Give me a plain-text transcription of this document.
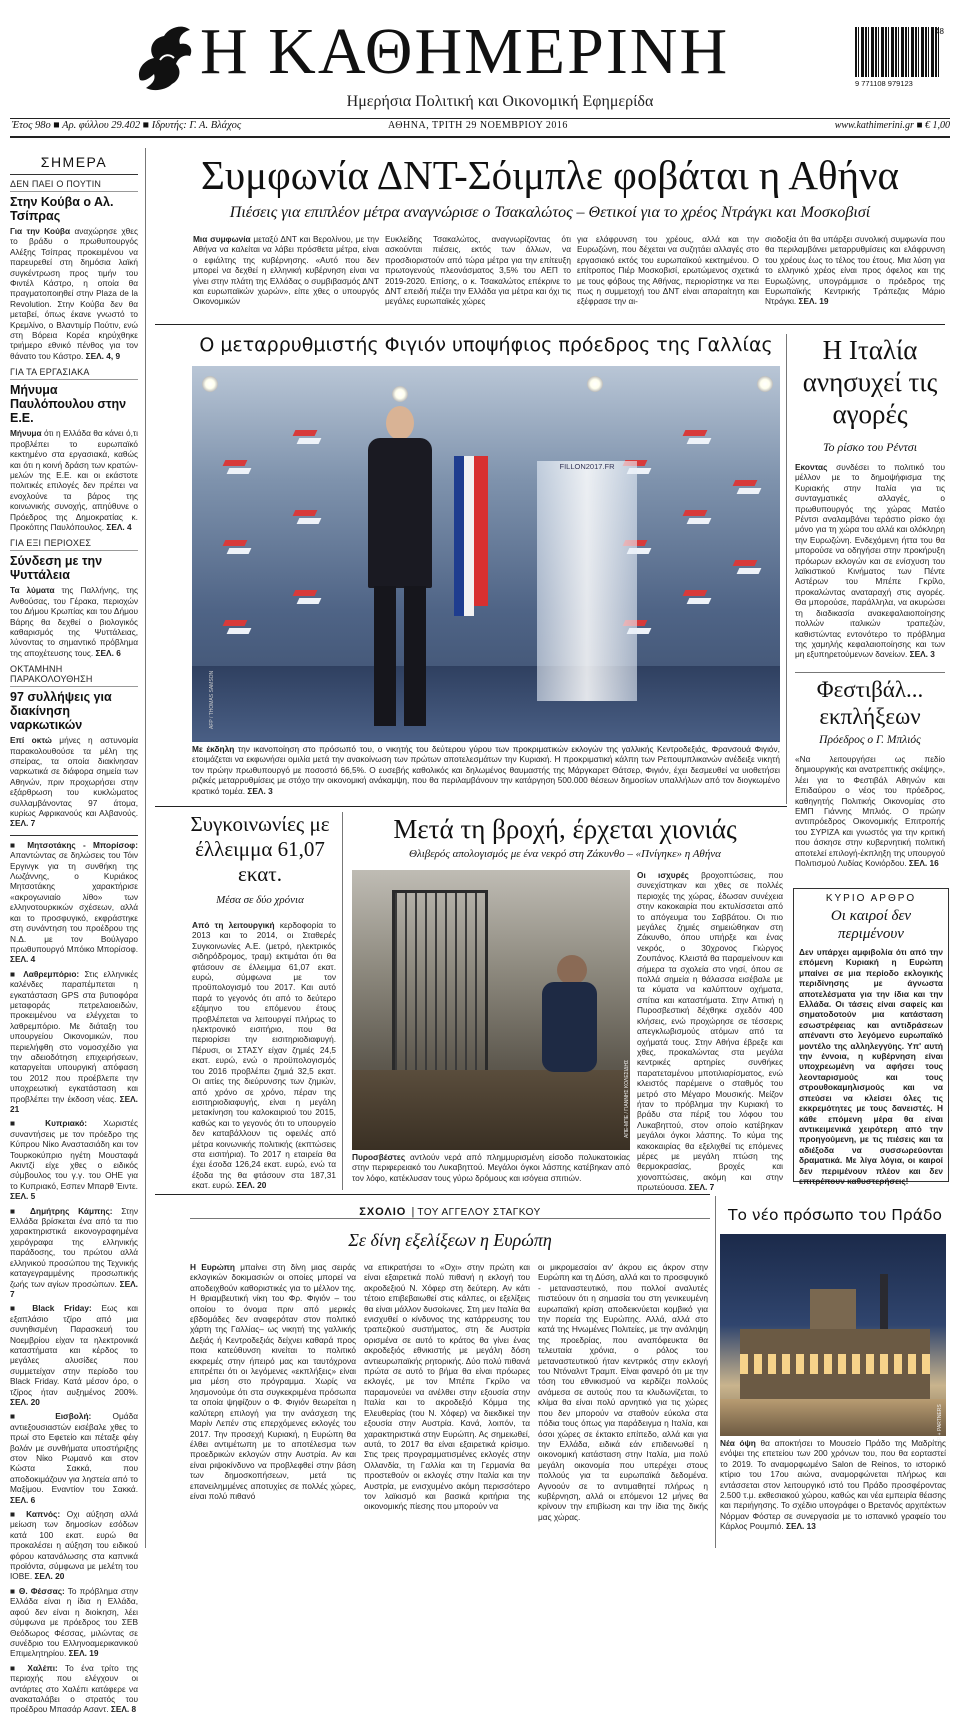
Η ΚΑΘΗΜΕΡΙΝΗ
Ημερήσια Πολιτική και Οικονομική Εφημερίδα
48
9 771108 979123
Έτος 98ο ■ Αρ. φύλλου 29.402 ■ Ιδρυτής: Γ. Α. Βλάχος	ΑΘΗΝΑ, ΤΡΙΤΗ 29 ΝΟΕΜΒΡΙΟΥ 2016	www.kathimerini.gr ■ € 1,00
ΣΗΜΕΡΑ
ΔΕΝ ΠΑΕΙ Ο ΠΟΥΤΙΝ
Στην Κούβα ο Αλ. Τσίπρας
Για την Κούβα αναχώρησε χθες το βράδυ ο πρωθυπουργός Αλέξης Τσίπρας προκειμένου να παρευρεθεί στη δημόσια λαϊκή συγκέντρωση προς τιμήν του Φιντέλ Κάστρο, η οποία θα πραγματοποιηθεί στην Plaza de la Revolution. Στην Κούβα δεν θα μεταβεί, όπως έκανε γνωστό το Κρεμλίνο, ο Βλαντιμίρ Πούτιν, ενώ στη Βόρεια Κορέα κηρύχθηκε τριήμερο εθνικό πένθος για τον θάνατο του Κάστρο. ΣΕΛ. 4, 9
ΓΙΑ ΤΑ ΕΡΓΑΣΙΑΚΑ
Μήνυμα Παυλόπουλου στην Ε.Ε.
Μήνυμα ότι η Ελλάδα θα κάνει ό,τι προβλέπει το ευρωπαϊκό κεκτημένο στα εργασιακά, καθώς και ότι η κοινή δράση των κρατών-μελών της Ε.Ε. και οι εκάστοτε πολιτικές επιλογές δεν πρέπει να ενοχλούνε τα βάρος της κοινωνικής συνοχής, απηύθυνε ο Πρόεδρος της Δημοκρατίας κ. Προκόπης Παυλόπουλος. ΣΕΛ. 4
ΓΙΑ ΕΞΙ ΠΕΡΙΟΧΕΣ
Σύνδεση με την Ψυττάλεια
Τα λύματα της Παλλήνης, της Ανθούσας, του Γέρακα, περιοχών του Δήμου Κρωπίας και του Δήμου Βάρης θα δεχθεί ο βιολογικός καθαρισμός της Ψυττάλειας, λύνοντας το σημαντικό πρόβλημα της αποχέτευσης τους. ΣΕΛ. 6
ΟΚΤΑΜΗΝΗ ΠΑΡΑΚΟΛΟΥΘΗΣΗ
97 συλλήψεις για διακίνηση ναρκωτικών
Επί οκτώ μήνες η αστυνομία παρακολουθούσε τα μέλη της σπείρας, τα οποία διακίνησαν ναρκωτικά σε διάφορα σημεία των Αθηνών, πριν προχωρήσει στην εξάρθρωση του κυκλώματος συλλαμβάνοντας 97 άτομα, κυρίως Αφρικανούς και Αλβανούς. ΣΕΛ. 7
■ Μητσοτάκης - Μπορίσοφ: Απαντώντας σε δηλώσεις του Τόιν Εργινγκ για τη συνθήκη της Λωζάννης, ο Κυριάκος Μητσοτάκης χαρακτήρισε «ακρογωνιαίο λίθο» των ελληνοτουρκικών σχέσεων, αλλά και το προσφυγικό, εκφράστηκε στη συνάντηση του προέδρου της Ν.Δ. με τον Βούλγαρο πρωθυπουργό Μπόικο Μπορίσοφ. ΣΕΛ. 4
■ Λαθρεμπόριο: Στις ελληνικές καλένδες παραπέμπεται η εγκατάσταση GPS στα βυτιοφόρα μεταφοράς πετρελαιοειδών, προκειμένου να ελέγχεται το λαθρεμπόριο. Με διάταξη του υπουργείου Οικονομικών, που περιελήφθη στο νομοσχέδιο για την αδειοδότηση επιχειρήσεων, καταργείται υπουργική απόφαση του 2012 που προέβλεπε την υποχρεωτική εγκατάσταση και προβλέπει την έκδοση νέας. ΣΕΛ. 21
■ Κυπριακό: Χωριστές συναντήσεις με τον πρόεδρο της Κύπρου Νίκο Αναστασιάδη και τον Τουρκοκύπριο ηγέτη Μουσταφά Ακιντζί είχε χθες ο ειδικός σύμβουλος του γ.γ. του ΟΗΕ για το Κυπριακό, Εσπεν Μπαρθ Έιντε. ΣΕΛ. 5
■ Δημήτρης Κάμπης: Στην Ελλάδα βρίσκεται ένα από τα πιο χαρακτηριστικά εικονογραφημένα χειρόγραφα της ελληνικής παράδοσης, του πρώτου αλλά ελληνικού προσώπου της Τεχνικής καταγεγραμμένης προσωπικής ζωής των αγίων προσώπων. ΣΕΛ. 7
■ Black Friday: Εως και εξαπλάσιο τζίρο από μια συνηθισμένη Παρασκευή του Νοεμβρίου είχαν τα ηλεκτρονικά καταστήματα και κέρδος το μεγάλες αλυσίδες που συμμετείχαν στην περίοδο του Black Friday. Κατά μέσον όρο, ο τζίρος ήταν αυξημένος 200%. ΣΕΛ. 20
■ Εισβολή: Ομάδα αντιεξουσιαστών εισέβαλε χθες το πρωί στο Εφετείο και πέταξε φέιγ βολάν με συνθήματα υποστήριξης στον Νίκο Ρωμανό και στον Κώστα Σακκά, που αποδοκιμάζουν για ληστεία από το Μαξίμου. Εναντίον του Σακκά. ΣΕΛ. 6
■ Καπνός: Οχι αύξηση αλλά μείωση των δημοσίων εσόδων κατά 100 εκατ. ευρώ θα προκαλέσει η αύξηση του ειδικού φόρου κατανάλωσης στα καπνικά προϊόντα, σύμφωνα με μελέτη του ΙΟΒΕ. ΣΕΛ. 20
■ Θ. Φέσσας: Το πρόβλημα στην Ελλάδα είναι η ίδια η Ελλάδα, αφού δεν είναι η διοίκηση, λέει σύμφωνα με πρόεδρος του ΣΕΒ Θεόδωρος Φέσσας, μιλώντας σε συνέδριο του Ελληνοαμερικανικού Επιμελητηρίου. ΣΕΛ. 19
■ Χαλέπι: Το ένα τρίτο της περιοχής που ελέγχουν οι αντάρτες στο Χαλέπι κατάφερε να ανακαταλάβει ο στρατός του προέδρου Μπασάρ Ασαντ. ΣΕΛ. 8
Συμφωνία ΔΝΤ-Σόιμπλε φοβάται η Αθήνα
Πιέσεις για επιπλέον μέτρα αναγνώρισε ο Τσακαλώτος – Θετικοί για το χρέος Ντράγκι και Μοσκοβισί
Μια συμφωνία μεταξύ ΔΝΤ και Βερολίνου, με την Αθήνα να καλείται να λάβει πρόσθετα μέτρα, είναι ο εφιάλτης της κυβέρνησης. «Αυτό που δεν μπορεί να δεχθεί η ελληνική κυβέρνηση είναι να γίνει στην πλάτη της Ελλάδας ο συμβιβασμός ΔΝΤ και ευρωπαϊκών χωρών», είπε χθες ο υπουργός Οικονομικών
Ευκλείδης Τσακαλώτος, αναγνωρίζοντας ότι ασκούνται πιέσεις, εκτός των άλλων, να προσδιοριστούν από τώρα μέτρα για την επίτευξη πρωτογενούς πλεονάσματος 3,5% του ΑΕΠ το 2019-2020. Επίσης, ο κ. Τσακαλώτος επέκρινε το ΔΝΤ επειδή πιέζει την Ελλάδα για μέτρα και όχι τις μεγάλες ευρωπαϊκές χώρες
για ελάφρυνση του χρέους, αλλά και την Ευρωζώνη, που δέχεται να συζητάει αλλαγές στο εργασιακό εκτός του ευρωπαϊκού κεκτημένου. Ο επίτροπος Πιέρ Μοσκοβισί, ερωτώμενος σχετικά με τους φόβους της Αθήνας, περιορίστηκε να πει πως η συμμετοχή του ΔΝΤ είναι απαραίτητη και εξέφρασε την αι-
σιοδοξία ότι θα υπάρξει συνολική συμφωνία που θα περιλαμβάνει μεταρρυθμίσεις και ελάφρυνση του χρέους έως το τέλος του έτους. Μια λύση για το ελληνικό χρέος είναι προς όφελος και της Ευρωζώνης, υπογράμμισε ο πρόεδρος της Ευρωπαϊκής Κεντρικής Τράπεζας Μάριο Ντράγκι. ΣΕΛ. 19
Ο μεταρρυθμιστής Φιγιόν υποψήφιος πρόεδρος της Γαλλίας
FILLON2017.FR
AFP / THOMAS SAMSON
Με έκδηλη την ικανοποίηση στο πρόσωπό του, ο νικητής του δεύτερου γύρου των προκριματικών εκλογών της γαλλικής Κεντροδεξιάς, Φρανσουά Φιγιόν, ετοιμάζεται να εκφωνήσει ομιλία μετά την ανακοίνωση των πρώτων αποτελεσμάτων την Κυριακή. Η προκριματική κάλπη των Ρεπουμπλικανών ανέδειξε νικητή τον πρώην πρωθυπουργό με ποσοστό 66,5%. Ο ευσεβής καθολικός και δηλωμένος θαυμαστής της Μάργκαρετ Θάτσερ, Φιγιόν, έχει δεσμευθεί να υιοθετήσει ριζικές μεταρρυθμίσεις με στόχο την οικονομική ανάκαμψη, που θα περιλαμβάνουν την κατάργηση 500.000 θέσεων δημοσίων υπαλλήλων από τον διογκωμένο κρατικό τομέα. ΣΕΛ. 3
Η Ιταλία ανησυχεί τις αγορές
Το ρίσκο του Ρέντσι
Εκοντας συνδέσει το πολιτικό του μέλλον με το δημοψήφισμα της Κυριακής στην Ιταλία για τις συνταγματικές αλλαγές, ο πρωθυπουργός της χώρας Ματέο Ρέντσι αναλαμβάνει τεράστιο ρίσκο όχι μόνο για τη χώρα του αλλά και ολόκληρη την Ευρωζώνη. Ενδεχόμενη ήττα του θα μπορούσε να οδηγήσει στην προκήρυξη πρόωρων εκλογών και σε ενίσχυση του λαϊκιστικού Κινήματος των Πέντε Αστέρων του Μπέπε Γκρίλο, προκαλώντας αναταραχή στις αγορές. Θα μπορούσε, παράλληλα, να ακυρώσει τη διαδικασία ανακεφαλαιοποίησης πολλών ιταλικών τραπεζών, καθιστώντας εντονότερο το πρόβλημα της χαμηλής κεφαλαιοποίησης και των μη εξυπηρετούμενων δανείων. ΣΕΛ. 3
Φεστιβάλ... εκπλήξεων
Πρόεδρος ο Γ. Μπλιός
«Να λειτουργήσει ως πεδίο δημιουργικής και ανατρεπτικής σκέψης», λέει για το Φεστιβάλ Αθηνών και Επιδαύρου ο νέος του πρόεδρος, καθηγητής Πολιτικής Οικονομίας στο ΕΜΠ Γιάννης Μπλιός. Ο πρώην αντιπρόεδρος Οικονομικής Επιτροπής του ΣΥΡΙΖΑ και γνωστός για την κριτική που άσκησε στην κυβερνητική πολιτική αποτελεί επιλογή-έκπληξη της υπουργού Πολιτισμού Λυδίας Κονιόρδου. ΣΕΛ. 16
ΚΥΡΙΟ ΑΡΘΡΟ
Οι καιροί δεν περιμένουν
Δεν υπάρχει αμφιβολία ότι από την επόμενη Κυριακή η Ευρώπη μπαίνει σε μια περίοδο εκλογικής περιδίνησης με άγνωστα αποτελέσματα για την ίδια και την Ελλάδα. Οι τάσεις είναι σαφείς και σηματοδοτούν μια κατάσταση εσωστρέφειας και αντιδράσεων απέναντι στο λεγόμενο ευρωπαϊκό μοντέλο της αλληλεγγύης. Υπ' αυτή την έννοια, η κυβέρνηση είναι υποχρεωμένη να αφήσει τους λεονταρισμούς και τους στρουθοκαμηλισμούς και να σπεύσει να κλείσει όλες τις εκκρεμότητες με τους δανειστές. Η κάθε επόμενη μέρα θα είναι αντικειμενικά χειρότερη από την προηγούμενη, με τις πιέσεις και τα αδιέξοδα να συσσωρεύονται δραματικά. Με λίγα λόγια, οι καιροί δεν περιμένουν πλέον και δεν επιτρέπουν καθυστερήσεις!
Συγκοινωνίες με έλλειμμα 61,07 εκατ.
Μέσα σε δύο χρόνια
Από τη λειτουργική κερδοφορία το 2013 και το 2014, οι Σταθερές Συγκοινωνίες Α.Ε. (μετρό, ηλεκτρικός σιδηρόδρομος, τραμ) εκτιμάται ότι θα φτάσουν σε έλλειμμα 61,07 εκατ. ευρώ, σύμφωνα με τον προϋπολογισμό του 2017. Και αυτό παρά το γεγονός ότι από το δεύτερο εξάμηνο του επόμενου έτους προβλέπεται να λειτουργεί πλήρως το ηλεκτρονικό εισιτήριο, που θα περιορίσει την εισιτηριοδιαφυγή. Πέρυσι, οι ΣΤΑΣΥ είχαν ζημιές 24,5 εκατ. ευρώ, ενώ ο προϋπολογισμός του 2016 προβλέπει ζημιά 32,5 εκατ. Οι αιτίες της διεύρυνσης των ζημιών, από χρόνο σε χρόνο, πέραν της εισιτηριοδιαφυγής, είναι η μεγάλη μετακίνηση του καλοκαιριού του 2015, καθώς και το γεγονός ότι το υπουργείο δεν καταβάλλουν τις οφειλές από μέτρα κοινωνικής πολιτικής (εκπτώσεις στα εισιτήρια). Το 2017 η εταιρεία θα έχει έσοδα 126,24 εκατ. ευρώ, ενώ τα έξοδα της θα φτάσουν στα 187,31 εκατ. ευρώ. ΣΕΛ. 20
Μετά τη βροχή, έρχεται χιονιάς
Θλιβερός απολογισμός με ένα νεκρό στη Ζάκυνθο – «Πνίγηκε» η Αθήνα
ΑΠΕ-ΜΠΕ / ΓΙΑΝΝΗΣ ΚΟΛΕΣΙΔΗΣ
Πυροσβέστες αντλούν νερά από πλημμυρισμένη είσοδο πολυκατοικίας στην περιφερειακό του Λυκαβηττού. Μεγάλοι όγκοι λάσπης κατέβηκαν από τον λόφο, κατέκλυσαν τους γύρω δρόμους και ισόγεια σπιτιών.
Οι ισχυρές βροχοπτώσεις, που συνεχίστηκαν και χθες σε πολλές περιοχές της χώρας, έδωσαν συνέχεια στην κακοκαιρία που εκτυλίσσεται από το απόγευμα του Σαββάτου. Οι πιο μεγάλες ζημιές σημειώθηκαν στη Ζάκυνθο, όπου υπήρξε και ένας νεκρός, ο 30χρονος Γιώργος Ζουπάνος. Κλειστά θα παραμείνουν και σήμερα τα σχολεία στο νησί, όπου σε πολλά σημεία η θάλασσα εισέβαλε με τα κύματα να καλύπτουν οχήματα, σπίτια και καταστήματα. Στην Αττική η Πυροσβεστική δέχθηκε σχεδόν 400 κλήσεις, ενώ προχώρησε σε τέσσερις απεγκλωβισμούς ατόμων από τα οχήματά τους. Στην Αθήνα έβρεξε και χθες, προκαλώντας στα μεγάλα κεντρικές αρτηρίες συνθήκες παρατεταμένου μποτιλιαρίσματος, ενώ κλειστός παρέμεινε ο σταθμός του μετρό στο Μέγαρο Μουσικής. Μείζον ήταν το πρόβλημα την Κυριακή το βράδυ στα πέριξ του λόφου του Λυκαβηττού, στον οποίο κατέβηκαν μεγάλοι όγκοι λάσπης. Το κύμα της κακοκαιρίας θα εξελιχθεί τις επόμενες μέρες με μεγάλη πτώση της θερμοκρασίας, βροχές και χιονοπτώσεις, ακόμη και στην πρωτεύουσα. ΣΕΛ. 7
ΣΧΟΛΙΟ | ΤΟΥ ΑΓΓΕΛΟΥ ΣΤΑΓΚΟΥ
Σε δίνη εξελίξεων η Ευρώπη
Η Ευρώπη μπαίνει στη δίνη μιας σειράς εκλογικών δοκιμασιών οι οποίες μπορεί να αποδειχθούν καθοριστικές για το μέλλον της. Η θριαμβευτική νίκη του Φρ. Φιγιόν – του οποίου το όνομα πριν από μερικές εβδομάδες δεν αναφερόταν στον πολιτικό χάρτη της Γαλλίας– ως νικητή της γαλλικής Δεξιάς ή Κεντροδεξιάς δείχνει καθαρά προς ποια κατεύθυνση κινείται το πολιτικό εκκρεμές στην ήπειρό μας και ταυτόχρονα επιτρέπει ότι οι λεγόμενες «εκπλήξεις» είναι μια μέση στο πρόγραμμα. Χωρίς να λησμονούμε ότι στα συγκεκριμένα πρόσωπα τα οποία ψηφίζουν ο Φ. Φιγιόν θεωρείται η καλύτερη επιλογή για την ανάσχεση της Μαρίν Λεπέν στις επερχόμενες εκλογές του 2017. Την προσεχή Κυριακή, η Ευρώπη θα έλθει αντιμέτωπη με το αποτέλεσμα των προεδρικών εκλογών στην Αυστρία. Αν και είναι ριψοκίνδυνο να προβλεφθεί στην βάση των δημοσκοπήσεων, μετά τις επανειλημμένες αποτυχίες σε πολλές χώρες, είναι πολύ πιθανό
να επικρατήσει το «Οχι» στην πρώτη και είναι εξαιρετικά πολύ πιθανή η εκλογή του ακροδεξιού Ν. Χόφερ στη δεύτερη. Αν κάτι τέτοιο επιβεβαιωθεί στις κάλπες, οι εξελίξεις θα είναι μάλλον δυσοίωνες. Στη μεν Ιταλία θα ενισχυθεί ο κίνδυνος της κατάρρευσης του τραπεζικού συστήματος, στη δε Αυστρία ορισμένα σε αυτό το κράτος θα γίνει ένας ακροδεξιός εθνικιστής με μεγάλη δόση αντιευρωπαϊκής ρητορικής. Δύο πολύ πιθανά πρώτα σε αυτό το βήμα θα είναι πρόωρες εκλογές, με τον Μπέπε Γκρίλο να παραμονεύει να ανέλθει στην εξουσία στην Ιταλία και το ακροδεξιό Κόμμα της Ελευθερίας (του Ν. Χόφερ) να διεκδικεί την εξουσία στην Αυστρία. Κανά, λοιπόν, τα χαρακτηριστικά στην Ευρώπη. Ας σημειωθεί, αυτά, το 2017 θα είναι εξαιρετικά κρίσιμο. Στις τρεις προγραμματισμένες εκλογές στην Ολλανδία, τη Γαλλία και τη Γερμανία θα προστεθούν οι εκλογές στην Ιταλία και την Αυστρία, με ενισχυμένο ακόμη περισσότερο τον λαϊκισμό και βασικά κριτήρια της οικονομικής πίεσης που μπορούν να
οι μικρομεσαίοι αν' άκρου εις άκρον στην Ευρώπη και τη Δύση, αλλά και το προσφυγικό - μεταναστευτικό, που πολλοί αναλυτές πιστεύουν ότι η σημασία του στη γενικευμένη ευρωπαϊκή κρίση αποδεικνύεται κομβικό για την πορεία της Ευρώπης. Αλλά, αλλά στο κατά της Ηνωμένες Πολιτείες, με την ανάληψη της προεδρίας, που αναπόφευκτα θα τελευταία χρόνια, ο ρόλος του μεταναστευτικού ήταν κεντρικός στην εκλογή του Ντόναλντ Τραμπ. Είναι φανερό ότι με την τόση του εθνικισμού να κερδίζει πολλούς ανάμεσα σε αυτούς που τα κλυδωνίζεται, το κλίμα θα είναι πολύ αρνητικό για τις χώρες που δεν μπορούν να σταθούν εύκολα στα πόδια τους όπως για παράδειγμα η Ιταλία, και όσοι χώρες σε έκτακτο επίπεδο, αλλά και για την Ελλάδα, ειδικά εάν επιδεινωθεί η οικονομική κατάσταση στην Ιταλία, μια πολύ μεγάλη οικονομία που υπερέχει στους πολλούς για τα ευρωπαϊκά δεδομένα. Αγνοούν σε το αντιμαθητεί πλήρως η κυβέρνηση, αλλά οι επόμενοι 12 μήνες θα κρίνουν την επιβίωση και την ίδια της δικής μας χώρας.
Το νέο πρόσωπο του Πράδο
FOSTER + PARTNERS
Νέα όψη θα αποκτήσει το Μουσείο Πράδο της Μαδρίτης ενόψει της επετείου των 200 χρόνων του, που θα εορταστεί το 2019. Το αναμορφωμένο Salon de Reinos, το ιστορικό κτίριο του 17ου αιώνα, αναμορφώνεται πλήρως και εντάσσεται στον λειτουργικό ιστό του Πράδο προσφέροντας 2.500 τ.μ. εκθεσιακού χώρου, καθώς και νέα εμπειρία θέασης και περιήγησης. Το σχέδιο υπογράφει ο Βρετανός αρχιτέκτων Νόρμαν Φόστερ σε συνεργασία με το ισπανικό γραφείο του Κάρλος Ρουμπιό. ΣΕΛ. 13
